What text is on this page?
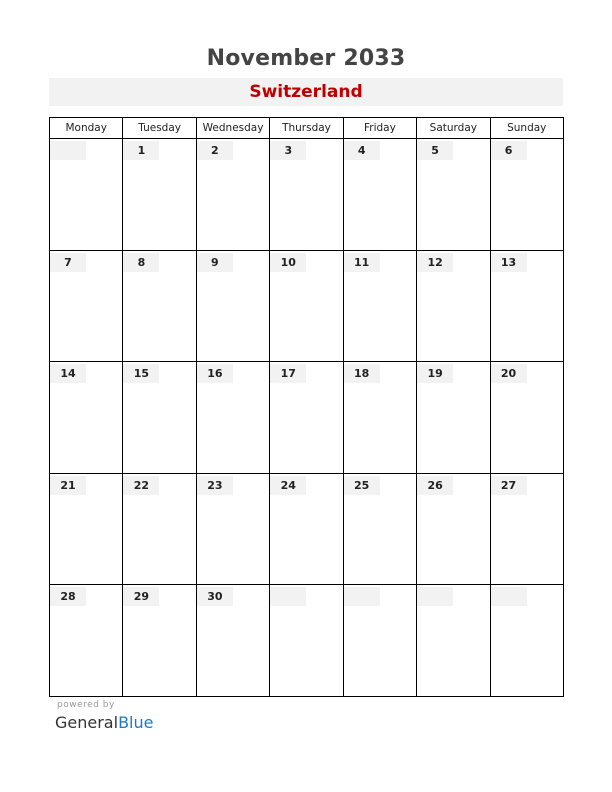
November 2033
Switzerland
Monday	Tuesday	Wednesday	Thursday	Friday	Saturday	Sunday

	1	2	3	4	5	6

7	8	9	10	11	12	13

14	15	16	17	18	19	20

21	22	23	24	25	26	27

28	29	30				

powered by
GeneralBlue
